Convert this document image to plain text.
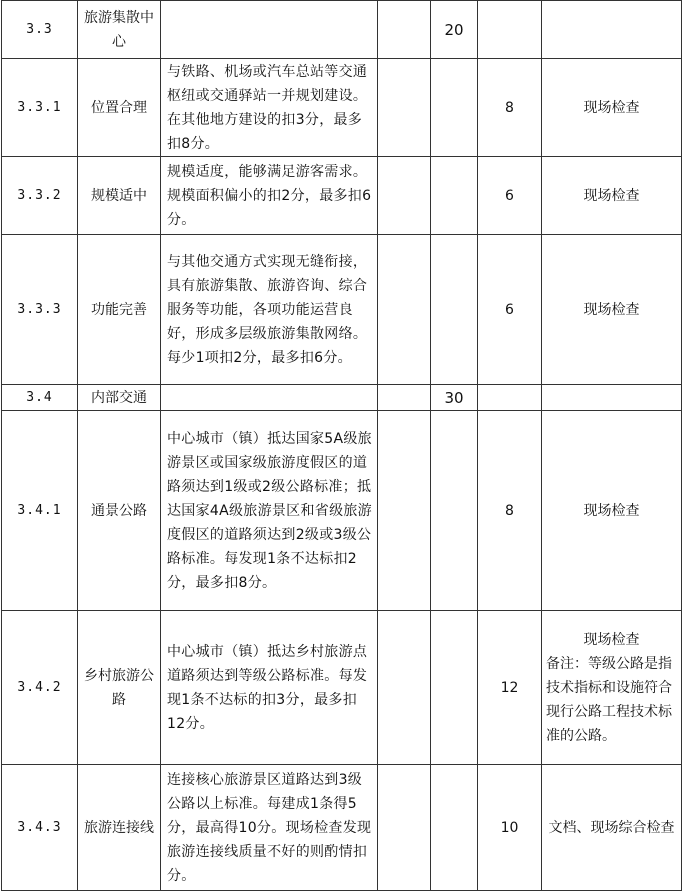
3.3	旅游集散中心			20		
3.3.1	位置合理	与铁路、机场或汽车总站等交通枢纽或交通驿站一并规划建设。在其他地方建设的扣3分，最多扣8分。			8	现场检查
3.3.2	规模适中	规模适度，能够满足游客需求。规模面积偏小的扣2分，最多扣6分。			6	现场检查
3.3.3	功能完善	与其他交通方式实现无缝衔接，具有旅游集散、旅游咨询、综合服务等功能，各项功能运营良好，形成多层级旅游集散网络。每少1项扣2分，最多扣6分。			6	现场检查
3.4	内部交通			30		
3.4.1	通景公路	中心城市（镇）抵达国家5A级旅游景区或国家级旅游度假区的道路须达到1级或2级公路标准；抵达国家4A级旅游景区和省级旅游度假区的道路须达到2级或3级公路标准。每发现1条不达标扣2分，最多扣8分。			8	现场检查
3.4.2	乡村旅游公路	中心城市（镇）抵达乡村旅游点道路须达到等级公路标准。每发现1条不达标的扣3分，最多扣12分。			12	现场检查
备注：等级公路是指技术指标和设施符合现行公路工程技术标准的公路。

3.4.3	旅游连接线	连接核心旅游景区道路达到3级公路以上标准。每建成1条得5分，最高得10分。现场检查发现旅游连接线质量不好的则酌情扣分。			10	文档、现场综合检查
